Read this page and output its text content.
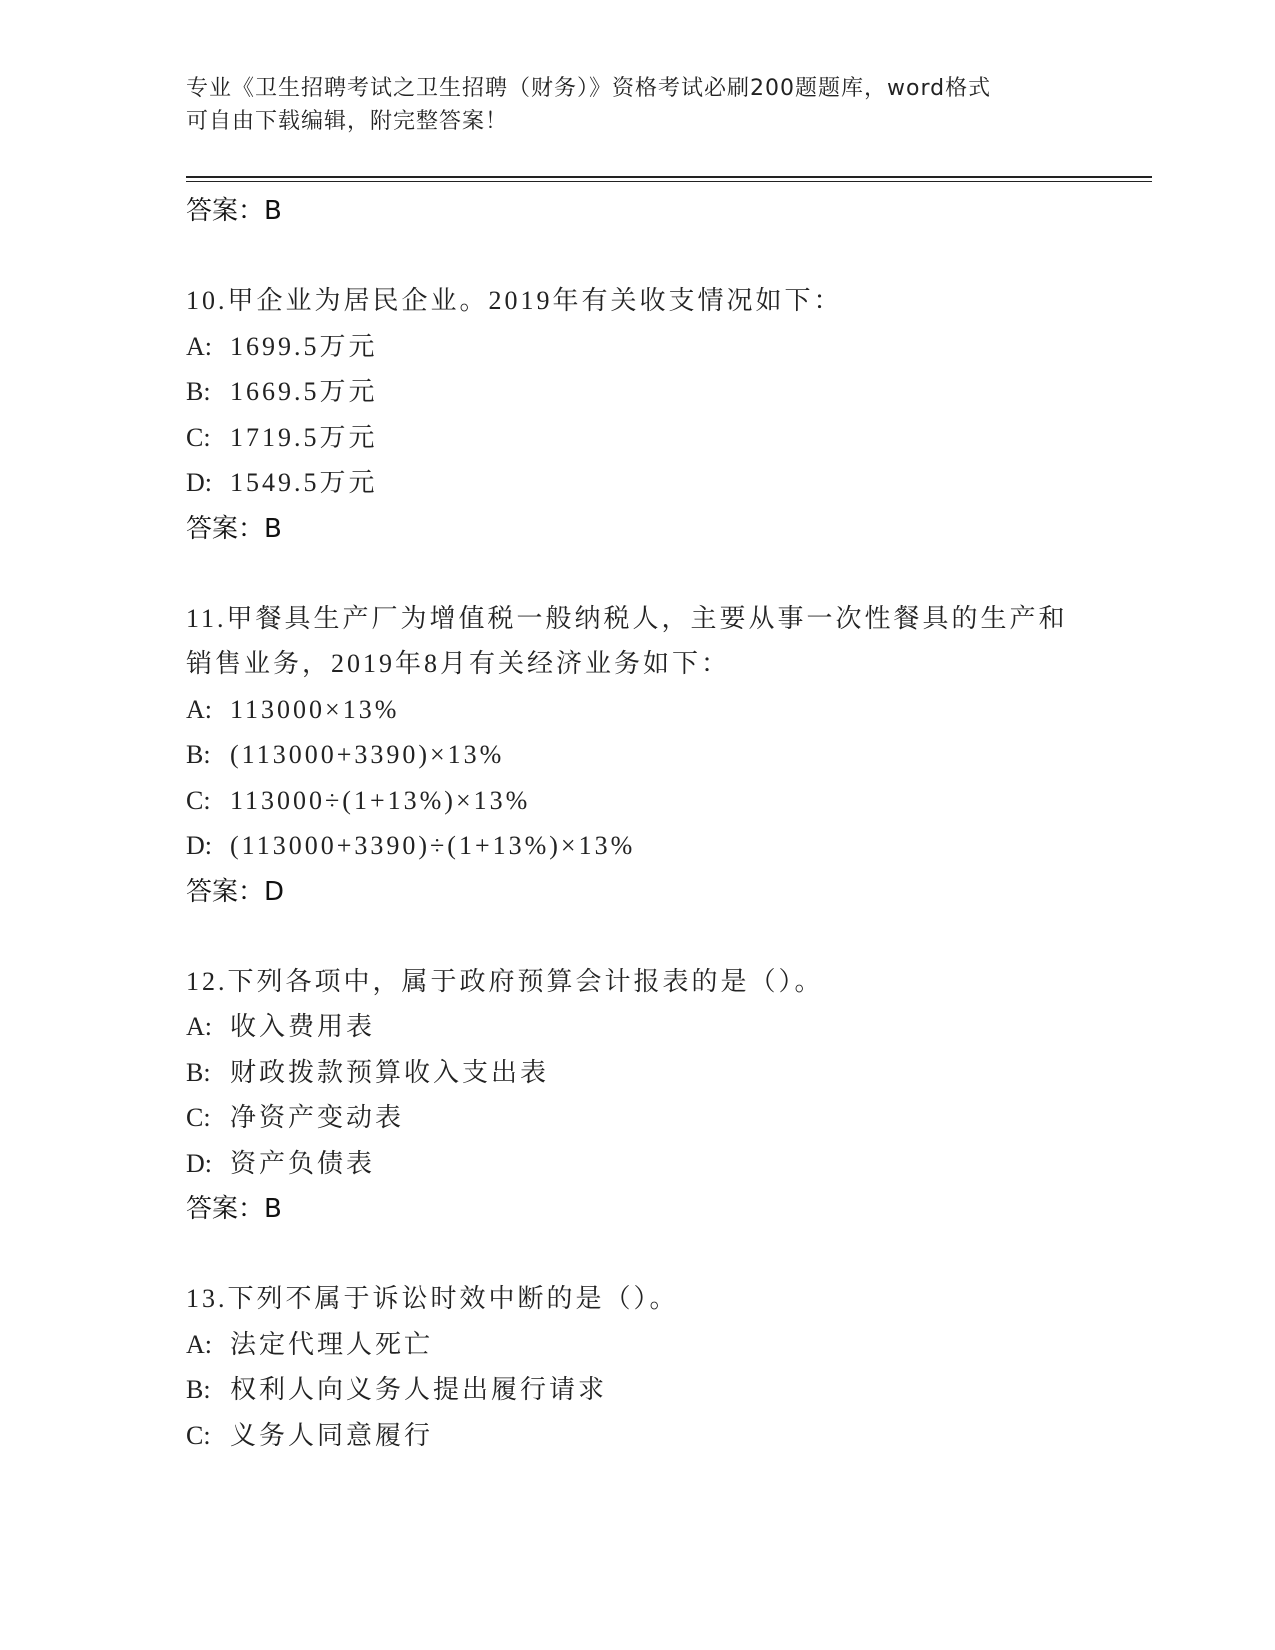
专业《卫生招聘考试之卫生招聘（财务）》资格考试必刷200题题库，word格式
可自由下载编辑，附完整答案！
答案：B
10.甲企业为居民企业。2019年有关收支情况如下：
A: 1699.5万元
B: 1669.5万元
C: 1719.5万元
D: 1549.5万元
答案：B
11.甲餐具生产厂为增值税一般纳税人，主要从事一次性餐具的生产和
销售业务，2019年8月有关经济业务如下：
A: 113000×13%
B: (113000+3390)×13%
C: 113000÷(1+13%)×13%
D: (113000+3390)÷(1+13%)×13%
答案：D
12.下列各项中，属于政府预算会计报表的是（）。
A: 收入费用表
B: 财政拨款预算收入支出表
C: 净资产变动表
D: 资产负债表
答案：B
13.下列不属于诉讼时效中断的是（）。
A: 法定代理人死亡
B: 权利人向义务人提出履行请求
C: 义务人同意履行
